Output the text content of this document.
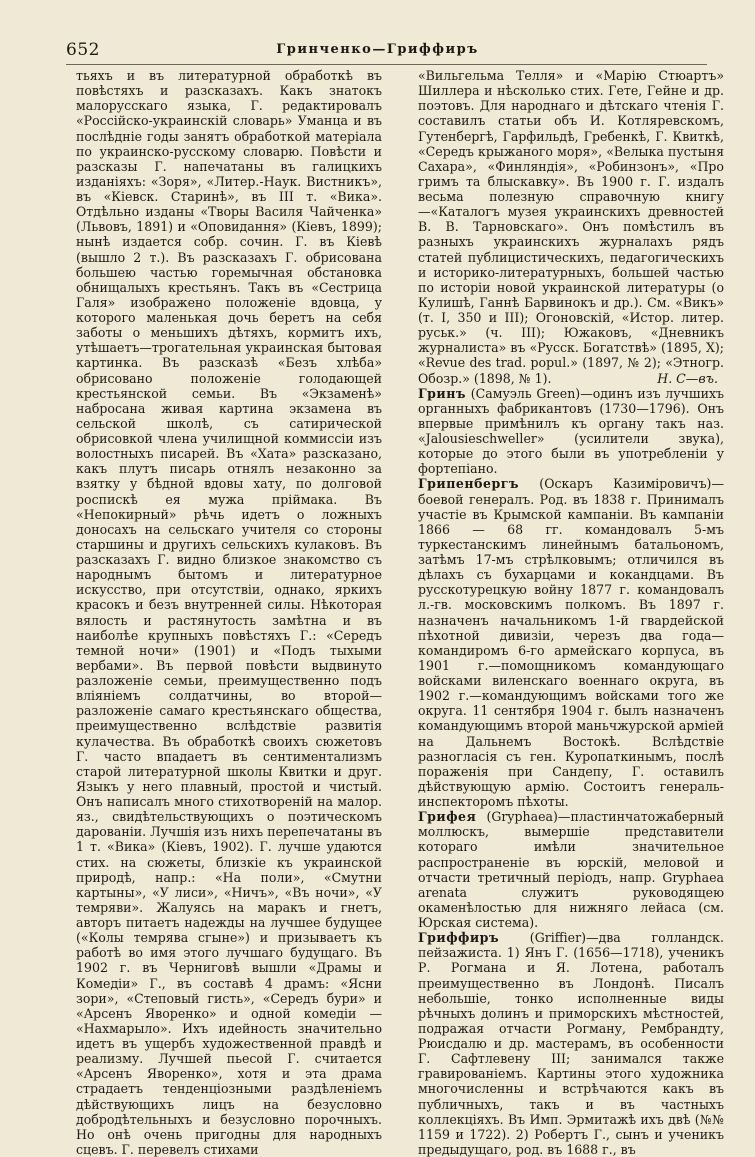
652	Гринченко—Гриффиръ

тьяхъ и въ литературной обработкѣ въ повѣстяхъ и разсказахъ. Какъ знатокъ малорусскаго языка, Г. редактировалъ «Россійско-украинскій словарь» Уманца и въ послѣдніе годы занятъ обработкой матеріала по украинско-русскому словарю. Повѣсти и разсказы Г. напечатаны въ галицкихъ изданіяхъ: «Зоря», «Литер.-Наук. Вистникъ», въ «Кіевск. Старинѣ», въ III т. «Вика». Отдѣльно изданы «Творы Василя Чайченка» (Львовъ, 1891) и «Оповидання» (Кіевъ, 1899); нынѣ издается собр. сочин. Г. въ Кіевѣ (вышло 2 т.). Въ разсказахъ Г. обрисована большею частью горемычная обстановка обнищалыхъ крестьянъ. Такъ въ «Сестрица Галя» изображено положеніе вдовца, у которого маленькая дочь беретъ на себя заботы о меньшихъ дѣтяхъ, кормитъ ихъ, утѣшаетъ—трогательная украинская бытовая картинка. Въ разсказѣ «Безъ хлѣба» обрисовано положеніе голодающей крестьянской семьи. Въ «Экзаменѣ» набросана живая картина экзамена въ сельской школѣ, съ сатирической обрисовкой члена училищной коммиссіи изъ волостныхъ писарей. Въ «Хата» разсказано, какъ плутъ писарь отнялъ незаконно за взятку у бѣдной вдовы хату, по долговой роспискѣ ея мужа прiймака. Въ «Непокирный» рѣчь идетъ о ложныхъ доносахъ на сельскаго учителя со стороны старшины и другихъ сельскихъ кулаковъ. Въ разсказахъ Г. видно близкое знакомство съ народнымъ бытомъ и литературное искусство, при отсутствіи, однако, яркихъ красокъ и безъ внутренней силы. Нѣкоторая вялость и растянутость замѣтна и въ наиболѣе крупныхъ повѣстяхъ Г.: «Середъ темной ночи» (1901) и «Подъ тыхыми вербами». Въ первой повѣсти выдвинуто разложеніе семьи, преимущественно подъ вліяніемъ солдатчины, во второй—разложеніе самаго крестьянскаго общества, преимущественно вслѣдствіе развитія кулачества. Въ обработкѣ своихъ сюжетовъ Г. часто впадаетъ въ сентиментализмъ старой литературной школы Квитки и друг. Языкъ у него плавный, простой и чистый. Онъ написалъ много стихотвореній на малор. яз., свидѣтельствующихъ о поэтическомъ дарованіи. Лучшія изъ нихъ перепечатаны въ 1 т. «Вика» (Кіевъ, 1902). Г. лучше удаются стих. на сюжеты, близкіе къ украинской природѣ, напр.: «На поли», «Смутни картыны», «У лиси», «Ничъ», «Въ ночи», «У темряви». Жалуясь на маракъ и гнетъ, авторъ питаетъ надежды на лучшее будущее («Колы темрява сгыне») и призываетъ къ работѣ во имя этого лучшаго будущаго. Въ 1902 г. въ Черниговѣ вышли «Драмы и Комедіи» Г., въ составѣ 4 драмъ: «Ясни зори», «Степовый гисть», «Середъ бури» и «Арсенъ Яворенко» и одной комедіи — «Нахмарыло». Ихъ идейность значительно идетъ въ ущербъ художественной правдѣ и реализму. Лучшей пьесой Г. считается «Арсенъ Яворенко», хотя и эта драма страдаетъ тенденціозными раздѣленіемъ дѣйствующихъ лицъ на безусловно добродѣтельныхъ и безусловно порочныхъ. Но онѣ очень пригодны для народныхъ сцевъ. Г. перевелъ стихами

«Вильгельма Телля» и «Марію Стюартъ» Шиллера и нѣсколько стих. Гете, Гейне и др. поэтовъ. Для народнаго и дѣтскаго чтенія Г. составилъ статьи объ И. Котляревскомъ, Гутенбергѣ, Гарфильдѣ, Гребенкѣ, Г. Квиткѣ, «Середъ крыжаного моря», «Велыка пустыня Сахара», «Финляндія», «Робинзонъ», «Про гримъ та блыскавку». Въ 1900 г. Г. издалъ весьма полезную справочную книгу—«Каталогъ музея украинскихъ древностей В. В. Тарновскаго». Онъ помѣстилъ въ разныхъ украинскихъ журналахъ рядъ статей публицистическихъ, педагогическихъ и историко-литературныхъ, большей частью по исторіи новой украинской литературы (о Кулишѣ, Ганнѣ Барвинокъ и др.). См. «Викъ» (т. I, 350 и III); Огоновскій, «Истор. литер. руськ.» (ч. III); Южаковъ, «Дневникъ журналиста» въ «Русск. Богатствѣ» (1895, X); «Revue des trad. popul.» (1897, № 2); «Этногр. Обозр.» (1898, № 1).	Н. С—въ.

Гринъ (Самуэль Green)—одинъ изъ лучшихъ органныхъ фабрикантовъ (1730—1796). Онъ впервые примѣнилъ къ органу такъ наз. «Jalousieschweller» (усилители звука), которые до этого были въ употребленіи у фортепiано.

Грипенбергъ (Оскаръ Казиміровичъ)—боевой генералъ. Род. въ 1838 г. Принималъ участіе въ Крымской кампаніи. Въ кампаніи 1866 — 68 гг. командовалъ 5-мъ туркестанскимъ линейнымъ батальономъ, затѣмъ 17-мъ стрѣлковымъ; отличился въ дѣлахъ съ бухарцами и кокандцами. Въ русскотурецкую войну 1877 г. командовалъ л.-гв. московскимъ полкомъ. Въ 1897 г. назначенъ начальникомъ 1-й гвардейской пѣхотной дивизіи, черезъ два года—командиромъ 6-го армейскаго корпуса, въ 1901 г.—помощникомъ командующаго войсками виленскаго военнаго округа, въ 1902 г.—командующимъ войсками того же округа. 11 сентября 1904 г. былъ назначенъ командующимъ второй маньчжурской арміей на Дальнемъ Востокѣ. Вслѣдствіе разногласія съ ген. Куропаткинымъ, послѣ пораженія при Сандепу, Г. оставилъ дѣйствующую армію. Состоитъ генераль-инспекторомъ пѣхоты.

Грифея (Gryphaea)—пластинчатожаберный моллюскъ, вымершіе представители котораго имѣли значительное распространеніе въ юрскій, меловой и отчасти третичный періодъ, напр. Gryphaea arenata служитъ руководящею окаменѣлостью для нижняго лейаса (см. Юрская система).

Гриффиръ (Griffier)—два голландск. пейзажиста. 1) Янъ Г. (1656—1718), ученикъ Р. Рогмана и Я. Лотена, работалъ преимущественно въ Лондонѣ. Писалъ небольшіе, тонко исполненные виды рѣчныхъ долинъ и приморскихъ мѣстностей, подражая отчасти Рогману, Рембрандту, Рюисдалю и др. мастерамъ, въ особенности Г. Сафтлевену III; занимался также гравированіемъ. Картины этого художника многочисленны и встрѣчаются какъ въ публичныхъ, такъ и въ частныхъ коллекціяхъ. Въ Имп. Эрмитажѣ ихъ двѣ (№№ 1159 и 1722). 2) Робертъ Г., сынъ и ученикъ предыдущаго, род. въ 1688 г., въ
